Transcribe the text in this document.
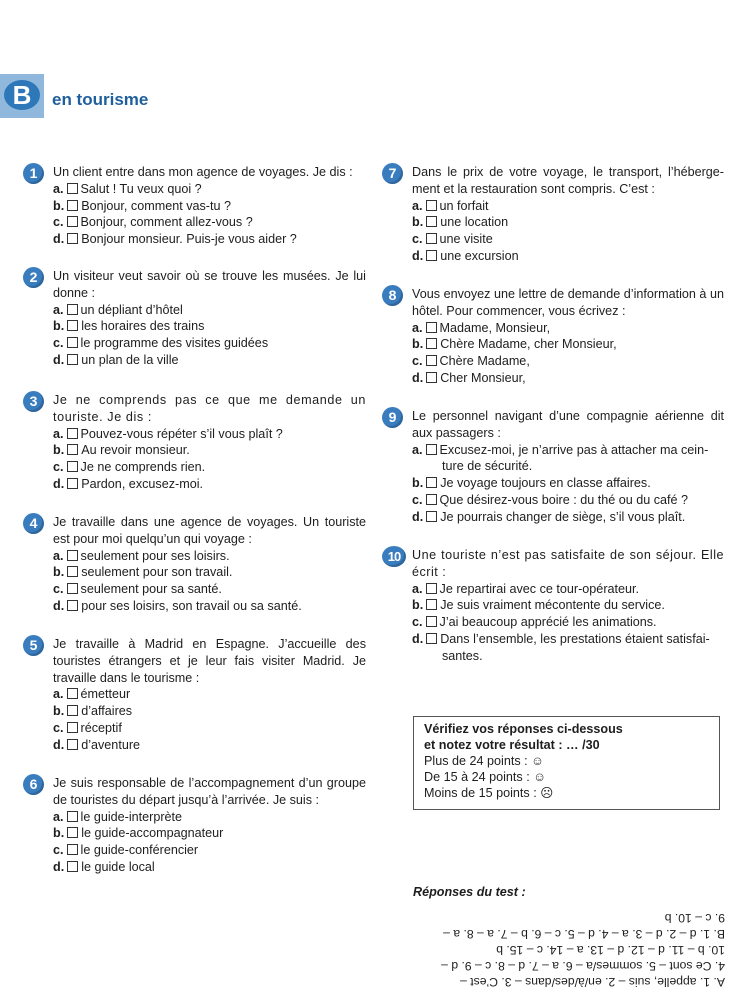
B	en tourisme
1	Un client entre dans mon agence de voyages. Je dis :
a. Salut ! Tu veux quoi ?
b. Bonjour, comment vas-tu ?
c. Bonjour, comment allez-vous ?
d. Bonjour monsieur. Puis-je vous aider ?
2	Un visiteur veut savoir où se trouve les musées. Je lui donne :
a. un dépliant d’hôtel
b. les horaires des trains
c. le programme des visites guidées
d. un plan de la ville
3	Je ne comprends pas ce que me demande un touriste. Je dis :
a. Pouvez-vous répéter s’il vous plaît ?
b. Au revoir monsieur.
c. Je ne comprends rien.
d. Pardon, excusez-moi.
4	Je travaille dans une agence de voyages. Un touriste est pour moi quelqu’un qui voyage :
a. seulement pour ses loisirs.
b. seulement pour son travail.
c. seulement pour sa santé.
d. pour ses loisirs, son travail ou sa santé.
5	Je travaille à Madrid en Espagne. J’accueille des touristes étrangers et je leur fais visiter Madrid. Je travaille dans le tourisme :
a. émetteur
b. d’affaires
c. réceptif
d. d’aventure
6	Je suis responsable de l’accompagnement d’un groupe de touristes du départ jusqu’à l’arrivée. Je suis :
a. le guide-interprète
b. le guide-accompagnateur
c. le guide-conférencier
d. le guide local
7	Dans le prix de votre voyage, le transport, l’héberge-ment et la restauration sont compris. C’est :
a. un forfait
b. une location
c. une visite
d. une excursion
8	Vous envoyez une lettre de demande d’information à un hôtel. Pour commencer, vous écrivez :
a. Madame, Monsieur,
b. Chère Madame, cher Monsieur,
c. Chère Madame,
d. Cher Monsieur,
9	Le personnel navigant d’une compagnie aérienne dit aux passagers :
a. Excusez-moi, je n’arrive pas à attacher ma cein-ture de sécurité.
b. Je voyage toujours en classe affaires.
c. Que désirez-vous boire : du thé ou du café ?
d. Je pourrais changer de siège, s’il vous plaît.
10 Une touriste n’est pas satisfaite de son séjour. Elle écrit :
a. Je repartirai avec ce tour-opérateur.
b. Je suis vraiment mécontente du service.
c. J’ai beaucoup apprécié les animations.
d. Dans l’ensemble, les prestations étaient satisfai-santes.
Vérifiez vos réponses ci-dessous
et notez votre résultat : … /30
Plus de 24 points : ☺
De 15 à 24 points : ☺
Moins de 15 points : ☹
Réponses du test :
A. 1. appelle, suis – 2. en/à/des/dans – 3. C’est –
4. Ce sont – 5. sommes/a – 6. a – 7. d – 8. c – 9. d –
10. b – 11. d – 12. d – 13. a – 14. c – 15. b
B. 1. d – 2. d – 3. a – 4. d – 5. c – 6. b – 7. a – 8. a –
9. c – 10. b
